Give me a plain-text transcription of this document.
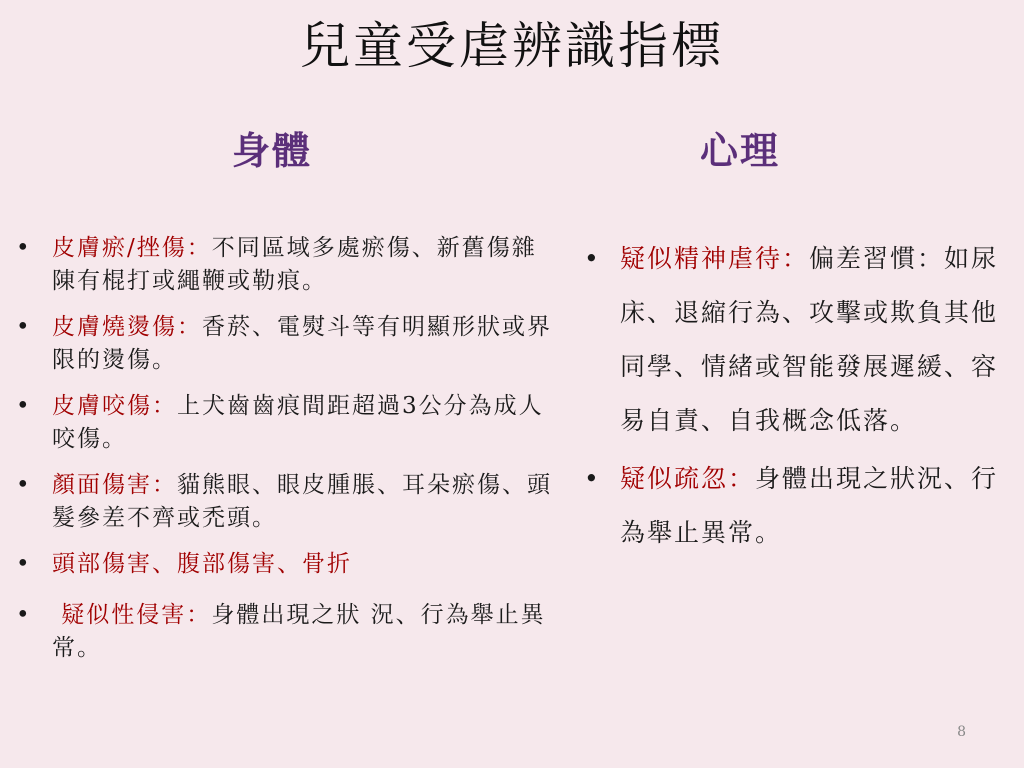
兒童受虐辨識指標
身體	心理
• 皮膚瘀/挫傷：不同區域多處瘀傷、新舊傷雜陳有棍打或繩鞭或勒痕。
• 皮膚燒燙傷：香菸、電熨斗等有明顯形狀或界限的燙傷。
• 皮膚咬傷：上犬齒齒痕間距超過3公分為成人咬傷。
• 顏面傷害：貓熊眼、眼皮腫脹、耳朵瘀傷、頭髮參差不齊或禿頭。
• 頭部傷害、腹部傷害、骨折
•  疑似性侵害：身體出現之狀 況、行為舉止異常。
• 疑似精神虐待：偏差習慣：如尿床、退縮行為、攻擊或欺負其他同學、情緒或智能發展遲緩、容易自責、自我概念低落。
• 疑似疏忽：身體出現之狀況、行為舉止異常。
8
